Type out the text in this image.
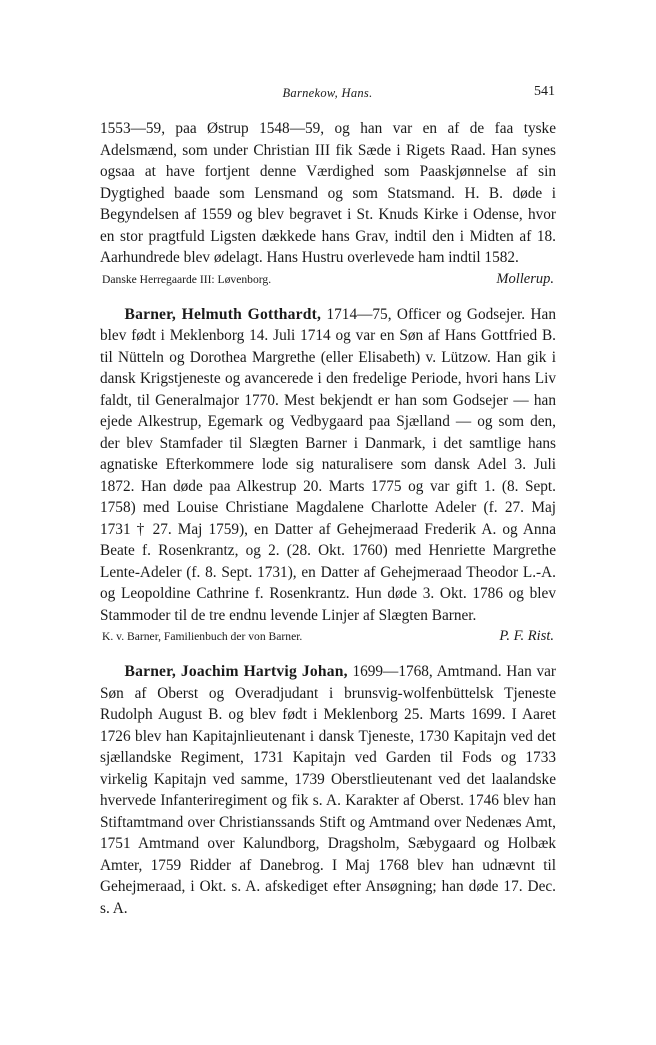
Barnekow, Hans.	541

1553—59, paa Østrup 1548—59, og han var en af de faa tyske Adelsmænd, som under Christian III fik Sæde i Rigets Raad. Han synes ogsaa at have fortjent denne Værdighed som Paaskjønnelse af sin Dygtighed baade som Lensmand og som Statsmand. H. B. døde i Begyndelsen af 1559 og blev begravet i St. Knuds Kirke i Odense, hvor en stor pragtfuld Ligsten dækkede hans Grav, indtil den i Midten af 18. Aarhundrede blev ødelagt. Hans Hustru overlevede ham indtil 1582.

Danske Herregaarde III: Løvenborg.	Mollerup.

Barner, Helmuth Gotthardt, 1714—75, Officer og Godsejer. Han blev født i Meklenborg 14. Juli 1714 og var en Søn af Hans Gottfried B. til Nütteln og Dorothea Margrethe (eller Elisabeth) v. Lützow. Han gik i dansk Krigstjeneste og avancerede i den fredelige Periode, hvori hans Liv faldt, til Generalmajor 1770. Mest bekjendt er han som Godsejer — han ejede Alkestrup, Egemark og Vedbygaard paa Sjælland — og som den, der blev Stamfader til Slægten Barner i Danmark, i det samtlige hans agnatiske Efterkommere lode sig naturalisere som dansk Adel 3. Juli 1872. Han døde paa Alkestrup 20. Marts 1775 og var gift 1. (8. Sept. 1758) med Louise Christiane Magdalene Charlotte Adeler (f. 27. Maj 1731 † 27. Maj 1759), en Datter af Gehejmeraad Frederik A. og Anna Beate f. Rosenkrantz, og 2. (28. Okt. 1760) med Henriette Margrethe Lente-Adeler (f. 8. Sept. 1731), en Datter af Gehejmeraad Theodor L.-A. og Leopoldine Cathrine f. Rosenkrantz. Hun døde 3. Okt. 1786 og blev Stammoder til de tre endnu levende Linjer af Slægten Barner.

K. v. Barner, Familienbuch der von Barner.	P. F. Rist.

Barner, Joachim Hartvig Johan, 1699—1768, Amtmand. Han var Søn af Oberst og Overadjudant i brunsvig-wolfenbüttelsk Tjeneste Rudolph August B. og blev født i Meklenborg 25. Marts 1699. I Aaret 1726 blev han Kapitajnlieutenant i dansk Tjeneste, 1730 Kapitajn ved det sjællandske Regiment, 1731 Kapitajn ved Garden til Fods og 1733 virkelig Kapitajn ved samme, 1739 Oberstlieutenant ved det laalandske hvervede Infanteriregiment og fik s. A. Karakter af Oberst. 1746 blev han Stiftamtmand over Christianssands Stift og Amtmand over Nedenæs Amt, 1751 Amtmand over Kalundborg, Dragsholm, Sæbygaard og Holbæk Amter, 1759 Ridder af Danebrog. I Maj 1768 blev han udnævnt til Gehejmeraad, i Okt. s. A. afskediget efter Ansøgning; han døde 17. Dec. s. A.
